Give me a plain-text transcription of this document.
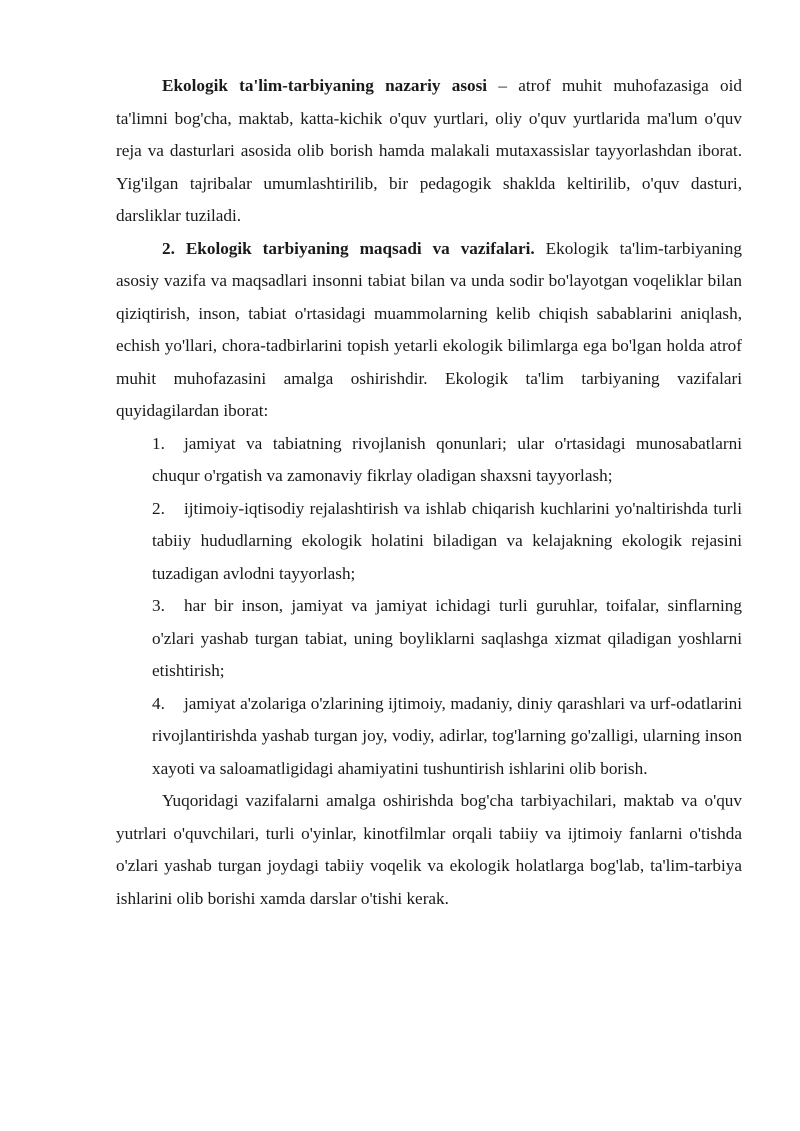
Ekologik ta'lim-tarbiyaning nazariy asosi – atrof muhit muhofazasiga oid ta'limni bog'cha, maktab, katta-kichik o'quv yurtlari, oliy o'quv yurtlarida ma'lum o'quv reja va dasturlari asosida olib borish hamda malakali mutaxassislar tayyorlashdan iborat. Yig'ilgan tajribalar umumlashtirilib, bir pedagogik shaklda keltirilib, o'quv dasturi, darsliklar tuziladi.

2. Ekologik tarbiyaning maqsadi va vazifalari. Ekologik ta'lim-tarbiyaning asosiy vazifa va maqsadlari insonni tabiat bilan va unda sodir bo'layotgan voqeliklar bilan qiziqtirish, inson, tabiat o'rtasidagi muammolarning kelib chiqish sabablarini aniqlash, echish yo'llari, chora-tadbirlarini topish yetarli ekologik bilimlarga ega bo'lgan holda atrof muhit muhofazasini amalga oshirishdir. Ekologik ta'lim tarbiyaning vazifalari quyidagilardan iborat:

1. jamiyat va tabiatning rivojlanish qonunlari; ular o'rtasidagi munosabatlarni chuqur o'rgatish va zamonaviy fikrlay oladigan shaxsni tayyorlash;
2. ijtimoiy-iqtisodiy rejalashtirish va ishlab chiqarish kuchlarini yo'naltirishda turli tabiiy hududlarning ekologik holatini biladigan va kelajakning ekologik rejasini tuzadigan avlodni tayyorlash;
3. har bir inson, jamiyat va jamiyat ichidagi turli guruhlar, toifalar, sinflarning o'zlari yashab turgan tabiat, uning boyliklarni saqlashga xizmat qiladigan yoshlarni etishtirish;
4. jamiyat a'zolariga o'zlarining ijtimoiy, madaniy, diniy qarashlari va urf-odatlarini rivojlantirishda yashab turgan joy, vodiy, adirlar, tog'larning go'zalligi, ularning inson xayoti va saloamatligidagi ahamiyatini tushuntirish ishlarini olib borish.

Yuqoridagi vazifalarni amalga oshirishda bog'cha tarbiyachilari, maktab va o'quv yutrlari o'quvchilari, turli o'yinlar, kinotfilmlar orqali tabiiy va ijtimoiy fanlarni o'tishda o'zlari yashab turgan joydagi tabiiy voqelik va ekologik holatlarga bog'lab, ta'lim-tarbiya ishlarini olib borishi xamda darslar o'tishi kerak.
